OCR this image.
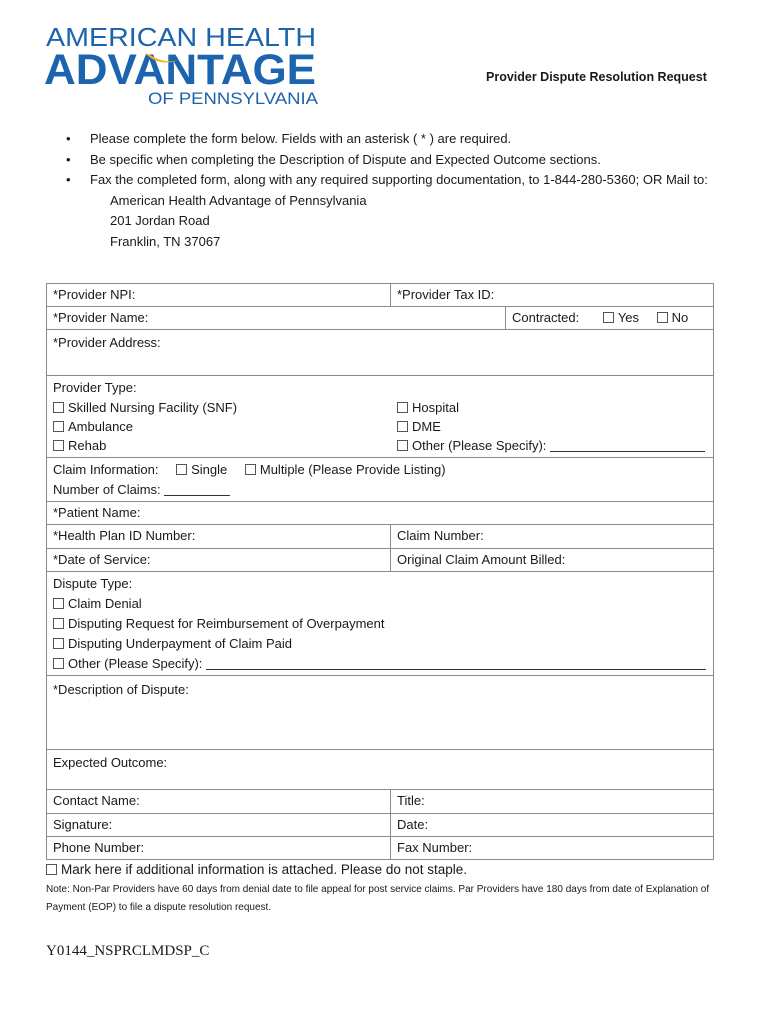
AMERICAN HEALTH
ADVANTAGE
OF PENNSYLVANIA
Provider Dispute Resolution Request
• Please complete the form below. Fields with an asterisk ( * ) are required.
• Be specific when completing the Description of Dispute and Expected Outcome sections.
• Fax the completed form, along with any required supporting documentation, to 1-844-280-5360; OR Mail to:
American Health Advantage of Pennsylvania
201 Jordan Road
Franklin, TN 37067
*Provider NPI:	*Provider Tax ID:
*Provider Name:	Contracted:	Yes	No

*Provider Address:

Provider Type:
Skilled Nursing Facility (SNF)	Hospital
Ambulance	DME
Rehab	Other (Please Specify):

Claim Information:	Single	Multiple (Please Provide Listing)
Number of Claims:

*Patient Name:
*Health Plan ID Number:	Claim Number:
*Date of Service:	Original Claim Amount Billed:

Dispute Type:
Claim Denial
Disputing Request for Reimbursement of Overpayment
Disputing Underpayment of Claim Paid
Other (Please Specify):

*Description of Dispute:
Expected Outcome:
Contact Name:	Title:
Signature:	Date:
Phone Number:	Fax Number:
Mark here if additional information is attached. Please do not staple.
Note: Non-Par Providers have 60 days from denial date to file appeal for post service claims. Par Providers have 180 days from date of Explanation of Payment (EOP) to file a dispute resolution request.
Y0144_NSPRCLMDSP_C
